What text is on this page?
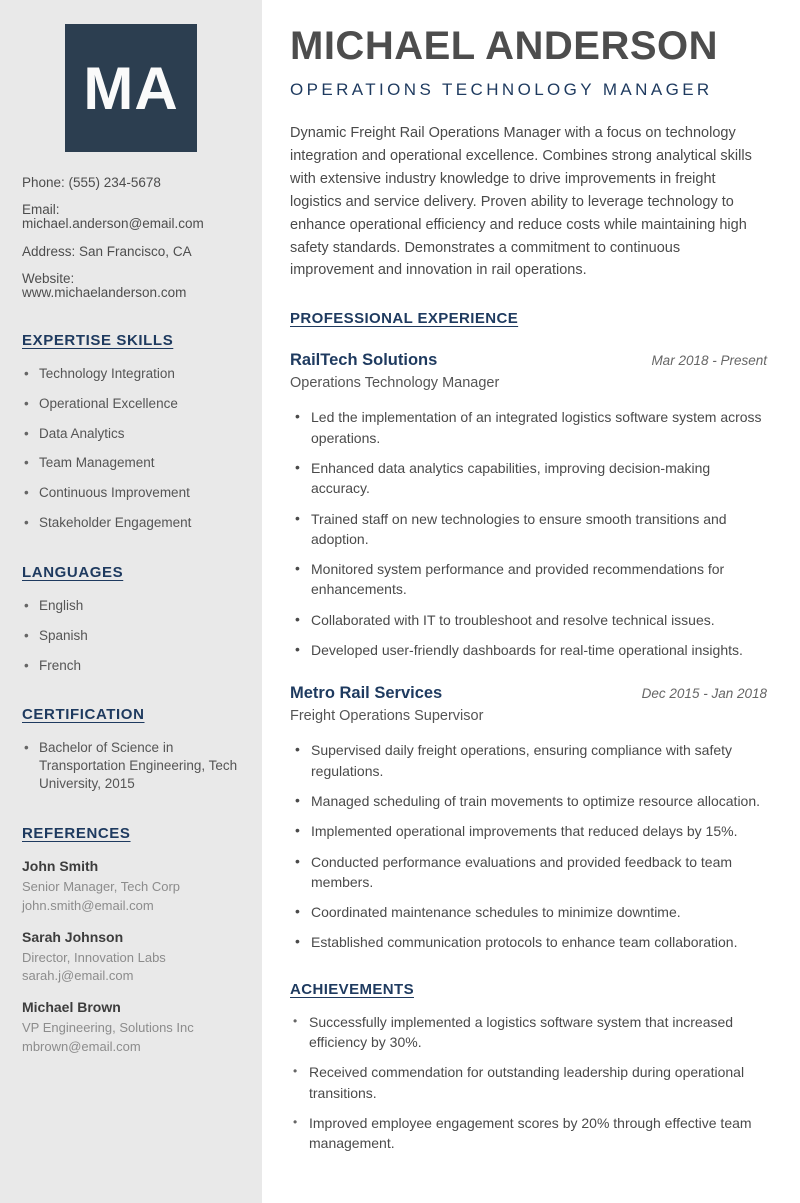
MA

Phone: (555) 234-5678

Email: michael.anderson@email.com

Address: San Francisco, CA

Website: www.michaelanderson.com

EXPERTISE SKILLS
• Technology Integration
• Operational Excellence
• Data Analytics
• Team Management
• Continuous Improvement
• Stakeholder Engagement
LANGUAGES
• English
• Spanish
• French
CERTIFICATION
• Bachelor of Science in Transportation Engineering, Tech University, 2015
REFERENCES
John Smith
Senior Manager, Tech Corp
john.smith@email.com
Sarah Johnson
Director, Innovation Labs
sarah.j@email.com
Michael Brown
VP Engineering, Solutions Inc
mbrown@email.com
MICHAEL ANDERSON
OPERATIONS TECHNOLOGY MANAGER

Dynamic Freight Rail Operations Manager with a focus on technology integration and operational excellence. Combines strong analytical skills with extensive industry knowledge to drive improvements in freight logistics and service delivery. Proven ability to leverage technology to enhance operational efficiency and reduce costs while maintaining high safety standards. Demonstrates a commitment to continuous improvement and innovation in rail operations.

PROFESSIONAL EXPERIENCE
RailTech Solutions	Mar 2018 - Present
Operations Technology Manager
• Led the implementation of an integrated logistics software system across operations.
• Enhanced data analytics capabilities, improving decision-making accuracy.
• Trained staff on new technologies to ensure smooth transitions and adoption.
• Monitored system performance and provided recommendations for enhancements.
• Collaborated with IT to troubleshoot and resolve technical issues.
• Developed user-friendly dashboards for real-time operational insights.
Metro Rail Services	Dec 2015 - Jan 2018
Freight Operations Supervisor
• Supervised daily freight operations, ensuring compliance with safety regulations.
• Managed scheduling of train movements to optimize resource allocation.
• Implemented operational improvements that reduced delays by 15%.
• Conducted performance evaluations and provided feedback to team members.
• Coordinated maintenance schedules to minimize downtime.
• Established communication protocols to enhance team collaboration.
ACHIEVEMENTS
• Successfully implemented a logistics software system that increased efficiency by 30%.
• Received commendation for outstanding leadership during operational transitions.
• Improved employee engagement scores by 20% through effective team management.
